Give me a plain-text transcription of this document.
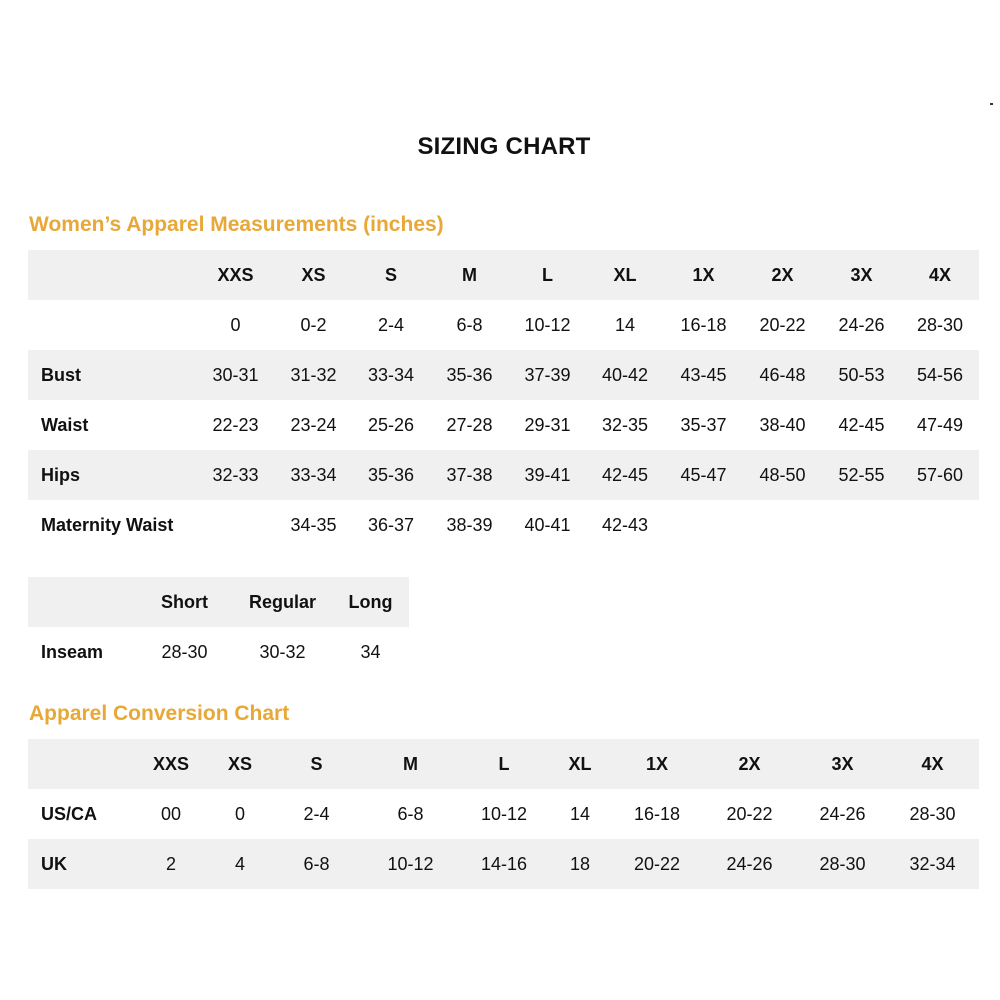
SIZING CHART
Women’s Apparel Measurements (inches)
	XXS	XS	S	M	L	XL	1X	2X	3X	4X
	0	0-2	2-4	6-8	10-12	14	16-18	20-22	24-26	28-30
Bust	30-31	31-32	33-34	35-36	37-39	40-42	43-45	46-48	50-53	54-56
Waist	22-23	23-24	25-26	27-28	29-31	32-35	35-37	38-40	42-45	47-49
Hips	32-33	33-34	35-36	37-38	39-41	42-45	45-47	48-50	52-55	57-60
Maternity Waist		34-35	36-37	38-39	40-41	42-43				
	Short	Regular	Long
Inseam	28-30	30-32	34
Apparel Conversion Chart
	XXS	XS	S	M	L	XL	1X	2X	3X	4X
US/CA	00	0	2-4	6-8	10-12	14	16-18	20-22	24-26	28-30
UK	2	4	6-8	10-12	14-16	18	20-22	24-26	28-30	32-34
